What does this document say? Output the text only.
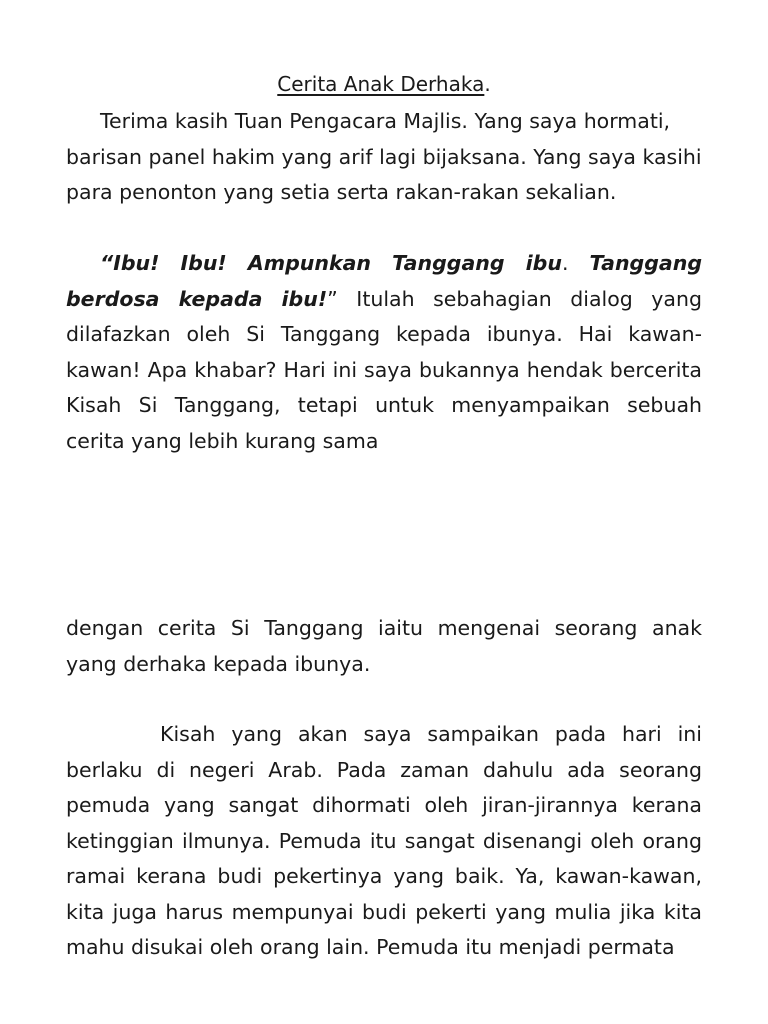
Cerita Anak Derhaka.

Terima kasih Tuan Pengacara Majlis. Yang saya hormati, barisan panel hakim yang arif lagi bijaksana. Yang saya kasihi para penonton yang setia serta rakan-rakan sekalian.

“Ibu! Ibu! Ampunkan Tanggang ibu. Tanggang berdosa kepada ibu!” Itulah sebahagian dialog yang dilafazkan oleh Si Tanggang kepada ibunya. Hai kawan-kawan! Apa khabar? Hari ini saya bukannya hendak bercerita Kisah Si Tanggang, tetapi untuk menyampaikan sebuah cerita yang lebih kurang sama

dengan cerita Si Tanggang iaitu mengenai seorang anak yang derhaka kepada ibunya.

Kisah yang akan saya sampaikan pada hari ini berlaku di negeri Arab. Pada zaman dahulu ada seorang pemuda yang sangat dihormati oleh jiran-jirannya kerana ketinggian ilmunya. Pemuda itu sangat disenangi oleh orang ramai kerana budi pekertinya yang baik. Ya, kawan-kawan, kita juga harus mempunyai budi pekerti yang mulia jika kita mahu disukai oleh orang lain. Pemuda itu menjadi permata
